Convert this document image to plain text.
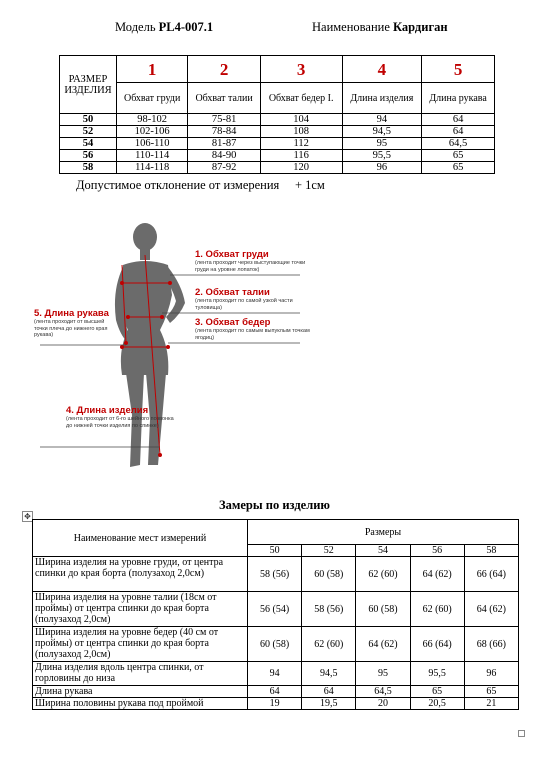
Модель PL4-007.1	Наименование Кардиган
РАЗМЕР ИЗДЕЛИЯ	1	2	3	4	5
	Обхват груди	Обхват талии	Обхват бедер I.	Длина изделия	Длина рукава
50	98-102	75-81	104	94	64
52	102-106	78-84	108	94,5	64
54	106-110	81-87	112	95	64,5
56	110-114	84-90	116	95,5	65
58	114-118	87-92	120	96	65
Допустимое отклонение от измерения + 1см
1. Обхват груди
(лента проходит через выступающие точки груди на уровне лопаток)
2. Обхват талии
(лента проходит по самой узкой части туловища)
3. Обхват бедер
(лента проходит по самым выпуклым точкам ягодиц)
4. Длина изделия
(лента проходит от 6-го шейного позвонка до нижней точки изделия по спинке)
5. Длина рукава
(лента проходит от высшей точки плеча до нижнего края рукава)
Замеры по изделию
✥
Наименование мест измерений	Размеры				
	50	52	54	56	58
Ширина изделия на уровне груди, от центра спинки до края борта (полузаход 2,0см)	58 (56)	60 (58)	62 (60)	64 (62)	66 (64)
Ширина изделия на уровне талии (18см от проймы) от центра спинки до края борта (полузаход 2,0см)	56 (54)	58 (56)	60 (58)	62 (60)	64 (62)
Ширина изделия на уровне бедер (40 см от проймы) от центра спинки до края борта (полузаход 2,0см)	60 (58)	62 (60)	64 (62)	66 (64)	68 (66)
Длина изделия вдоль центра спинки, от горловины до низа	94	94,5	95	95,5	96
Длина рукава	64	64	64,5	65	65
Ширина половины рукава под проймой	19	19,5	20	20,5	21
